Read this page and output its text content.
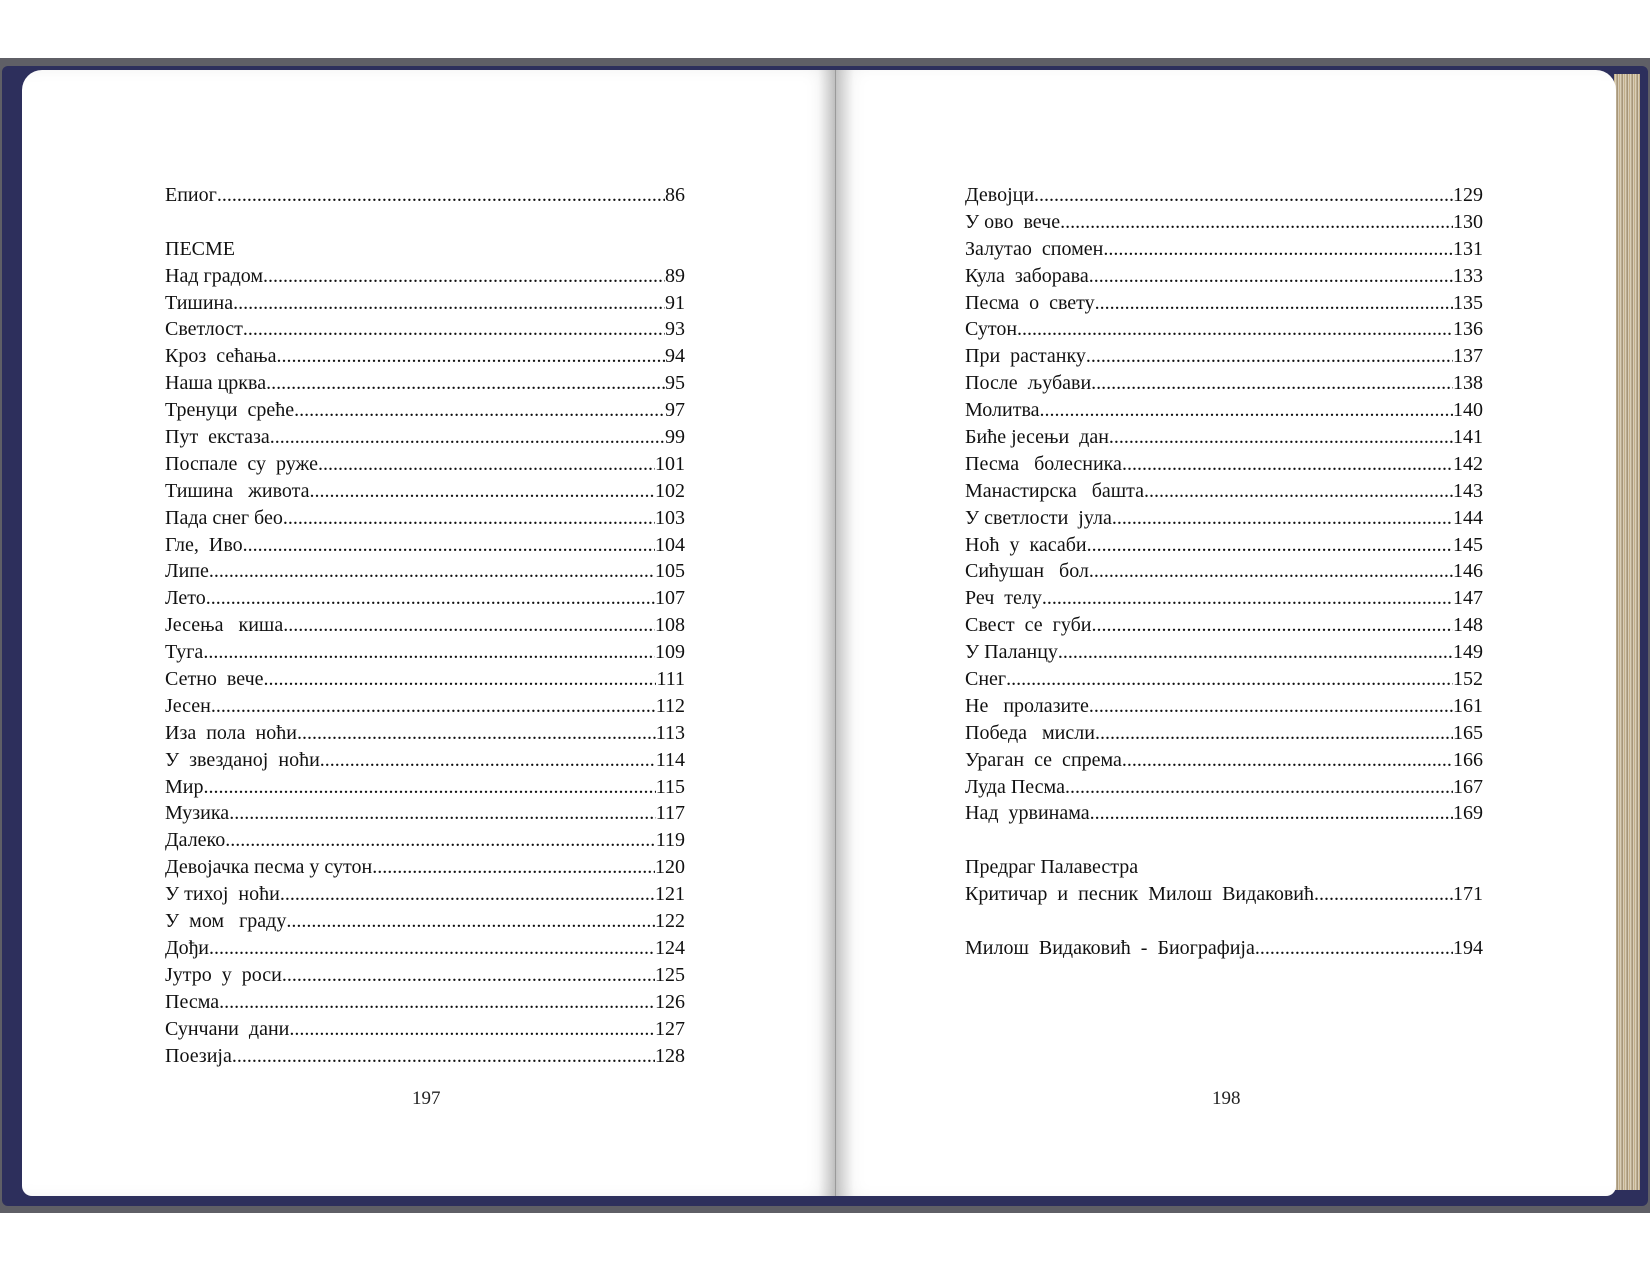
Епиог .....	86
ПЕСМЕ
Над градом .....	89
Тишина .....	91
Светлост .....	93
Кроз  сећања .....	94
Наша црква .....	95
Тренуци  среће .....	97
Пут  екстаза .....	99
Поспале  су  руже .....	101
Тишина   живота .....	102
Пада снег бео .....	103
Гле,  Иво .....	104
Липе .....	105
Лето .....	107
Јесења   киша .....	108
Туга .....	109
Сетно  вече .....	111
Јесен .....	112
Иза  пола  ноћи .....	113
У  звезданој  ноћи .....	114
Мир .....	115
Музика .....	117
Далеко .....	119
Девојачка песма у сутон .....	120
У тихој  ноћи .....	121
У  мом   граду .....	122
Дођи .....	124
Јутро  у  роси .....	125
Песма .....	126
Сунчани  дани .....	127
Поезија .....	128
Девојци .....	129
У ово  вече .....	130
Залутао  спомен .....	131
Кула  заборава .....	133
Песма  о  свету .....	135
Сутон .....	136
При  растанку .....	137
После  љубави .....	138
Молитва .....	140
Биће јесењи  дан .....	141
Песма   болесника .....	142
Манастирска   башта .....	143
У светлости  јула .....	144
Ноћ  у  касаби .....	145
Сићушан   бол .....	146
Реч  телу .....	147
Свест  се  губи .....	148
У Паланцу .....	149
Снег .....	152
Не   пролазите .....	161
Победа   мисли .....	165
Ураган  се  спрема .....	166
Луда Песма .....	167
Над  урвинама .....	169
Предраг Палавестра
Критичар  и  песник  Милош  Видаковић .....	171
Милош  Видаковић  -  Биографија .....	194
197	198
